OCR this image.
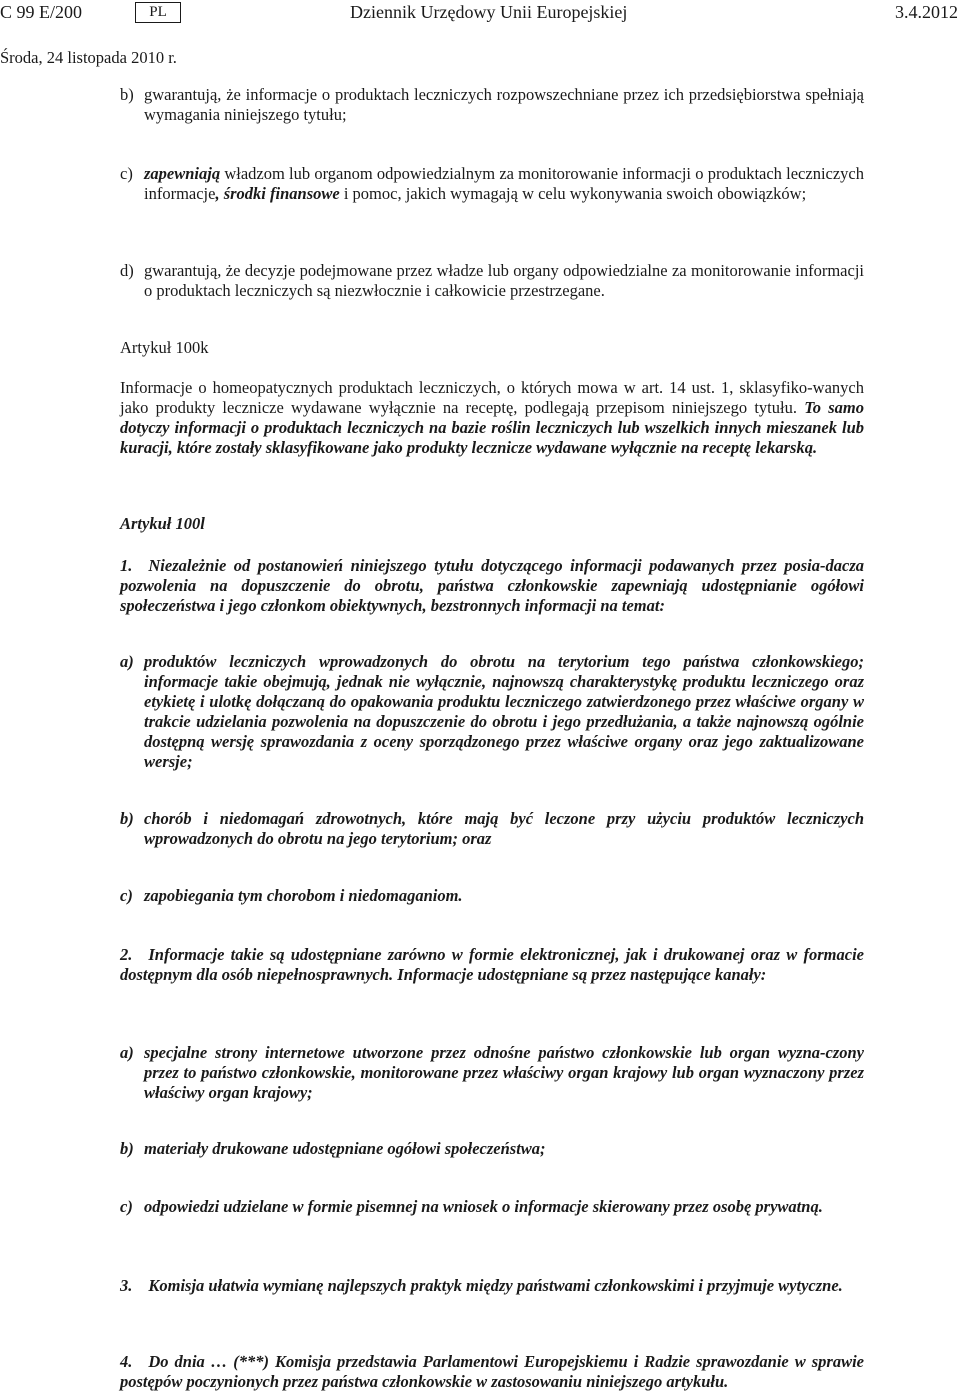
C 99 E/200	PL	Dziennik Urzędowy Unii Europejskiej	3.4.2012
Środa, 24 listopada 2010 r.

b) gwarantują, że informacje o produktach leczniczych rozpowszechniane przez ich przedsiębiorstwa spełniają wymagania niniejszego tytułu;

c) zapewniają władzom lub organom odpowiedzialnym za monitorowanie informacji o produktach leczniczych informacje, środki finansowe i pomoc, jakich wymagają w celu wykonywania swoich obowiązków;

d) gwarantują, że decyzje podejmowane przez władze lub organy odpowiedzialne za monitorowanie informacji o produktach leczniczych są niezwłocznie i całkowicie przestrzegane.

Artykuł 100k

Informacje o homeopatycznych produktach leczniczych, o których mowa w art. 14 ust. 1, sklasyfiko-wanych jako produkty lecznicze wydawane wyłącznie na receptę, podlegają przepisom niniejszego tytułu. To samo dotyczy informacji o produktach leczniczych na bazie roślin leczniczych lub wszelkich innych mieszanek lub kuracji, które zostały sklasyfikowane jako produkty lecznicze wydawane wyłącznie na receptę lekarską.

Artykuł 100l

1. Niezależnie od postanowień niniejszego tytułu dotyczącego informacji podawanych przez posia-dacza pozwolenia na dopuszczenie do obrotu, państwa członkowskie zapewniają udostępnianie ogółowi społeczeństwa i jego członkom obiektywnych, bezstronnych informacji na temat:

a) produktów leczniczych wprowadzonych do obrotu na terytorium tego państwa członkowskiego; informacje takie obejmują, jednak nie wyłącznie, najnowszą charakterystykę produktu leczniczego oraz etykietę i ulotkę dołączaną do opakowania produktu leczniczego zatwierdzonego przez właściwe organy w trakcie udzielania pozwolenia na dopuszczenie do obrotu i jego przedłużania, a także najnowszą ogólnie dostępną wersję sprawozdania z oceny sporządzonego przez właściwe organy oraz jego zaktualizowane wersje;

b) chorób i niedomagań zdrowotnych, które mają być leczone przy użyciu produktów leczniczych wprowadzonych do obrotu na jego terytorium; oraz

c) zapobiegania tym chorobom i niedomaganiom.

2. Informacje takie są udostępniane zarówno w formie elektronicznej, jak i drukowanej oraz w formacie dostępnym dla osób niepełnosprawnych. Informacje udostępniane są przez następujące kanały:

a) specjalne strony internetowe utworzone przez odnośne państwo członkowskie lub organ wyzna-czony przez to państwo członkowskie, monitorowane przez właściwy organ krajowy lub organ wyznaczony przez właściwy organ krajowy;

b) materiały drukowane udostępniane ogółowi społeczeństwa;

c) odpowiedzi udzielane w formie pisemnej na wniosek o informacje skierowany przez osobę prywatną.

3. Komisja ułatwia wymianę najlepszych praktyk między państwami członkowskimi i przyjmuje wytyczne.

4. Do dnia … (***) Komisja przedstawia Parlamentowi Europejskiemu i Radzie sprawozdanie w sprawie postępów poczynionych przez państwa członkowskie w zastosowaniu niniejszego artykułu.
